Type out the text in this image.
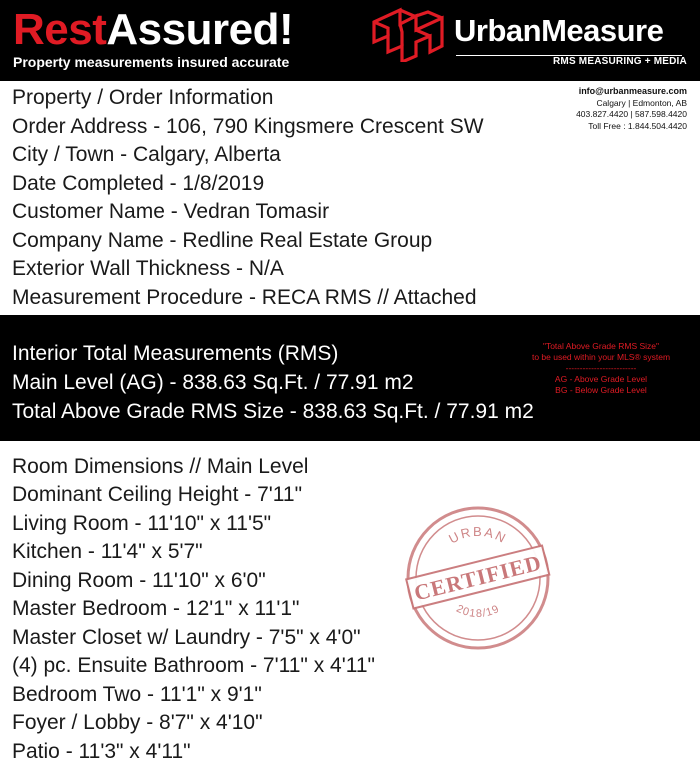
RestAssured!
Property measurements insured accurate
UrbanMeasure
RMS MEASURING + MEDIA
info@urbanmeasure.com
Calgary | Edmonton, AB
403.827.4420 | 587.598.4420
Toll Free : 1.844.504.4420
Property / Order Information
Order Address - 106, 790 Kingsmere Crescent SW
City / Town - Calgary, Alberta
Date Completed - 1/8/2019
Customer Name - Vedran Tomasir
Company Name - Redline Real Estate Group
Exterior Wall Thickness - N/A
Measurement Procedure - RECA RMS // Attached
Interior Total Measurements (RMS)
Main Level (AG) - 838.63 Sq.Ft. / 77.91 m2
Total Above Grade RMS Size - 838.63 Sq.Ft. / 77.91 m2
"Total Above Grade RMS Size"
to be used within your MLS® system
-------------------------
AG - Above Grade Level
BG - Below Grade Level
Room Dimensions // Main Level
Dominant Ceiling Height - 7'11"
Living Room - 11'10" x 11'5"
Kitchen - 11'4" x 5'7"
Dining Room - 11'10" x 6'0"
Master Bedroom - 12'1" x 11'1"
Master Closet w/ Laundry - 7'5" x 4'0"
(4) pc. Ensuite Bathroom - 7'11" x 4'11"
Bedroom Two - 11'1" x 9'1"
Foyer / Lobby - 8'7" x 4'10"
Patio - 11'3" x 4'11"
URBAN
2018/19
CERTIFIED
